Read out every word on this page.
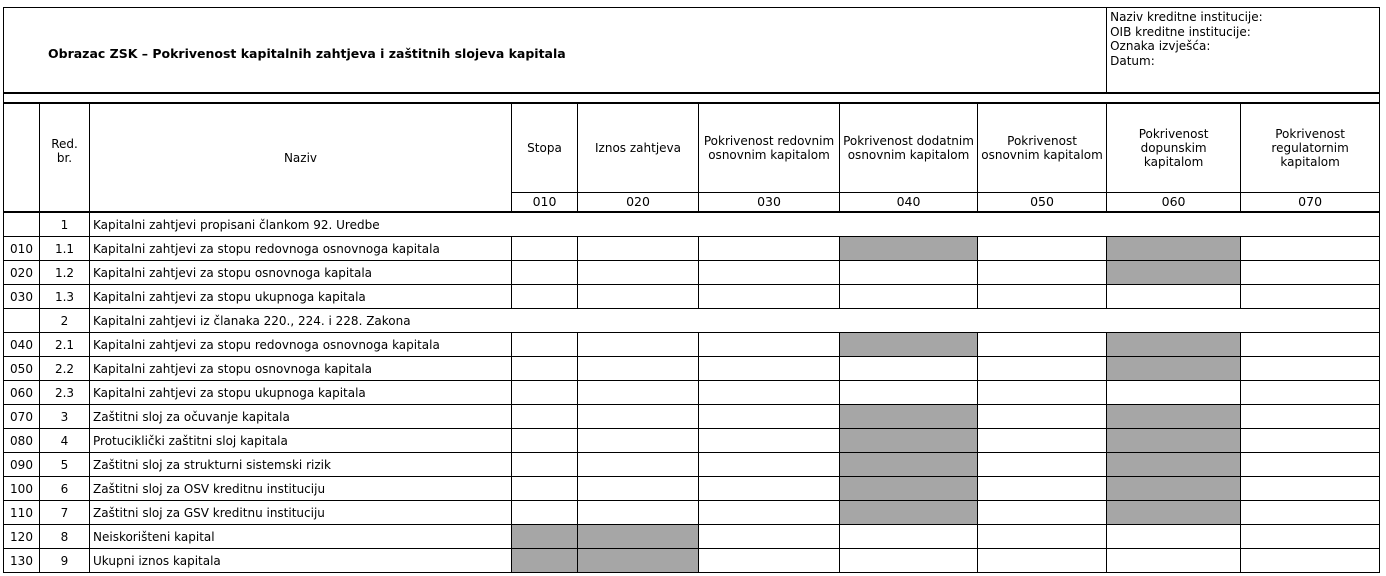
Obrazac ZSK – Pokrivenost kapitalnih zahtjeva i zaštitnih slojeva kapitala								Naziv kreditne institucije:
OIB kreditne institucije:
Oznaka izvješća:
Datum:	

	Red.
br.	Naziv	Stopa	Iznos zahtjeva	Pokrivenost redovnim osnovnim kapitalom	Pokrivenost dodatnim osnovnim kapitalom	Pokrivenost osnovnim kapitalom	Pokrivenost dopunskim kapitalom	Pokrivenost regulatornim kapitalom
			010	020	030	040	050	060	070
	1	Kapitalni zahtjevi propisani člankom 92. Uredbe							
010	1.1	Kapitalni zahtjevi za stopu redovnoga osnovnoga kapitala							
020	1.2	Kapitalni zahtjevi za stopu osnovnoga kapitala							
030	1.3	Kapitalni zahtjevi za stopu ukupnoga kapitala							
	2	Kapitalni zahtjevi iz članaka 220., 224. i 228. Zakona							
040	2.1	Kapitalni zahtjevi za stopu redovnoga osnovnoga kapitala							
050	2.2	Kapitalni zahtjevi za stopu osnovnoga kapitala							
060	2.3	Kapitalni zahtjevi za stopu ukupnoga kapitala							
070	3	Zaštitni sloj za očuvanje kapitala							
080	4	Protuciklički zaštitni sloj kapitala							
090	5	Zaštitni sloj za strukturni sistemski rizik							
100	6	Zaštitni sloj za OSV kreditnu instituciju							
110	7	Zaštitni sloj za GSV kreditnu instituciju							
120	8	Neiskorišteni kapital							
130	9	Ukupni iznos kapitala							
